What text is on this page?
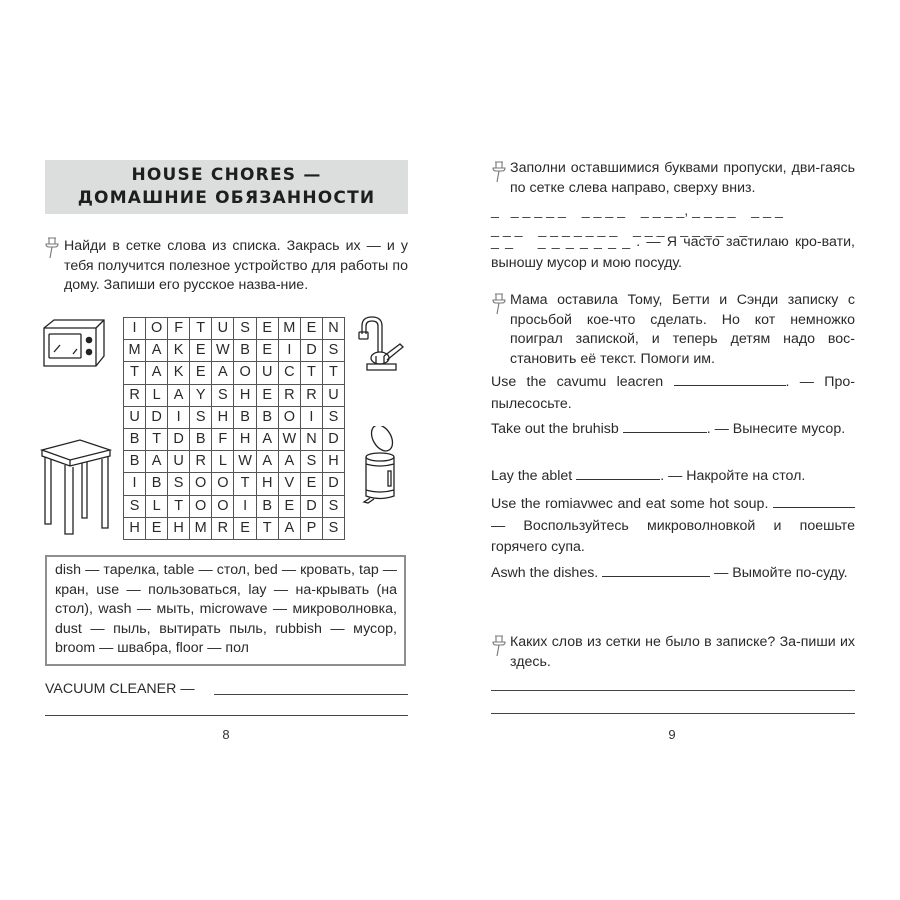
HOUSE CHORES —
ДОМАШНИЕ ОБЯЗАННОСТИ

Найди в сетке слова из списка. Закрась их — и у тебя получится полезное устройство для работы по дому. Запиши его русское назва-ние.

I	O	F	T	U	S	E	M	E	N
M	A	K	E	W	B	E	I	D	S
T	A	K	E	A	O	U	C	T	T
R	L	A	Y	S	H	E	R	R	U
U	D	I	S	H	B	B	O	I	S
B	T	D	B	F	H	A	W	N	D
B	A	U	R	L	W	A	A	S	H
I	B	S	O	O	T	H	V	E	D
S	L	T	O	O	I	B	E	D	S
H	E	H	M	R	E	T	A	P	S
dish — тарелка, table — стол, bed — кровать, tap — кран, use — пользоваться, lay — на-крывать (на стол), wash — мыть, microwave — микроволновка, dust — пыль, вытирать пыль, rubbish — мусор, broom — швабра, floor — пол
VACUUM CLEANER —
8

Заполни оставшимися буквами пропуски, дви-гаясь по сетке слева направо, сверху вниз.

_   _ _ _ _ _    _ _ _ _    _ _ _ _, _ _ _ _    _ _ _
_ _ _    _ _ _ _ _ _ _    _ _ _    _ _ _ _    _

_ _    _ _ _ _ _ _ _ . — Я часто застилаю кро-вати, выношу мусор и мою посуду.

Мама оставила Тому, Бетти и Сэнди записку с просьбой кое-что сделать. Но кот немножко поиграл запиской, и теперь детям надо вос-становить её текст. Помоги им.

Use the cavumu leacren	. — Про-пылесосьте.

Take out the bruhisb	. — Вынесите мусор.

Lay the ablet	. — Накройте на стол.

Use the romiavwec and eat some hot soup.  — Воспользуйтесь микроволновкой и поешьте горячего супа.

Aswh the dishes.	— Вымойте по-суду.

Каких слов из сетки не было в записке? За-пиши их здесь.

9
